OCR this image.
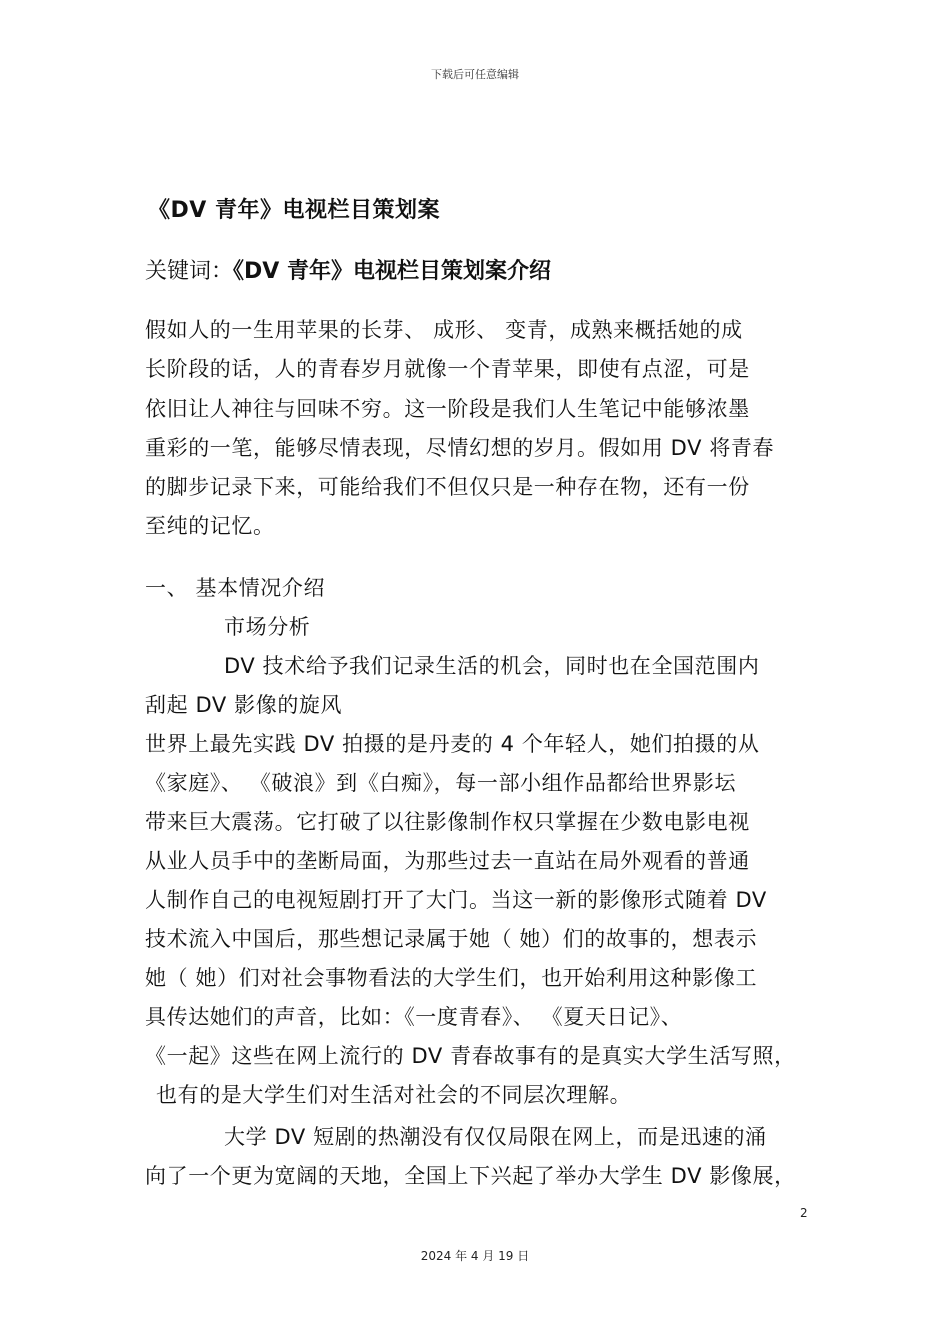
下载后可任意编辑
《DV 青年》电视栏目策划案
关键词：《DV 青年》电视栏目策划案介绍
假如人的一生用苹果的长芽、 成形、 变青，成熟来概括她的成
长阶段的话，人的青春岁月就像一个青苹果，即使有点涩，可是
依旧让人神往与回味不穷。这一阶段是我们人生笔记中能够浓墨
重彩的一笔，能够尽情表现，尽情幻想的岁月。假如用 DV 将青春
的脚步记录下来，可能给我们不但仅只是一种存在物，还有一份
至纯的记忆。
一、 基本情况介绍
市场分析
DV 技术给予我们记录生活的机会，同时也在全国范围内
刮起 DV 影像的旋风
世界上最先实践 DV 拍摄的是丹麦的 4 个年轻人，她们拍摄的从
《家庭》、 《破浪》到《白痴》，每一部小组作品都给世界影坛
带来巨大震荡。它打破了以往影像制作权只掌握在少数电影电视
从业人员手中的垄断局面，为那些过去一直站在局外观看的普通
人制作自己的电视短剧打开了大门。当这一新的影像形式随着 DV
技术流入中国后，那些想记录属于她（ 她）们的故事的，想表示
她（ 她）们对社会事物看法的大学生们，也开始利用这种影像工
具传达她们的声音，比如：《一度青春》、 《夏天日记》、
《一起》这些在网上流行的 DV 青春故事有的是真实大学生活写照，
也有的是大学生们对生活对社会的不同层次理解。
大学 DV 短剧的热潮没有仅仅局限在网上，而是迅速的涌
向了一个更为宽阔的天地，全国上下兴起了举办大学生 DV 影像展，
2
2024 年 4 月 19 日
